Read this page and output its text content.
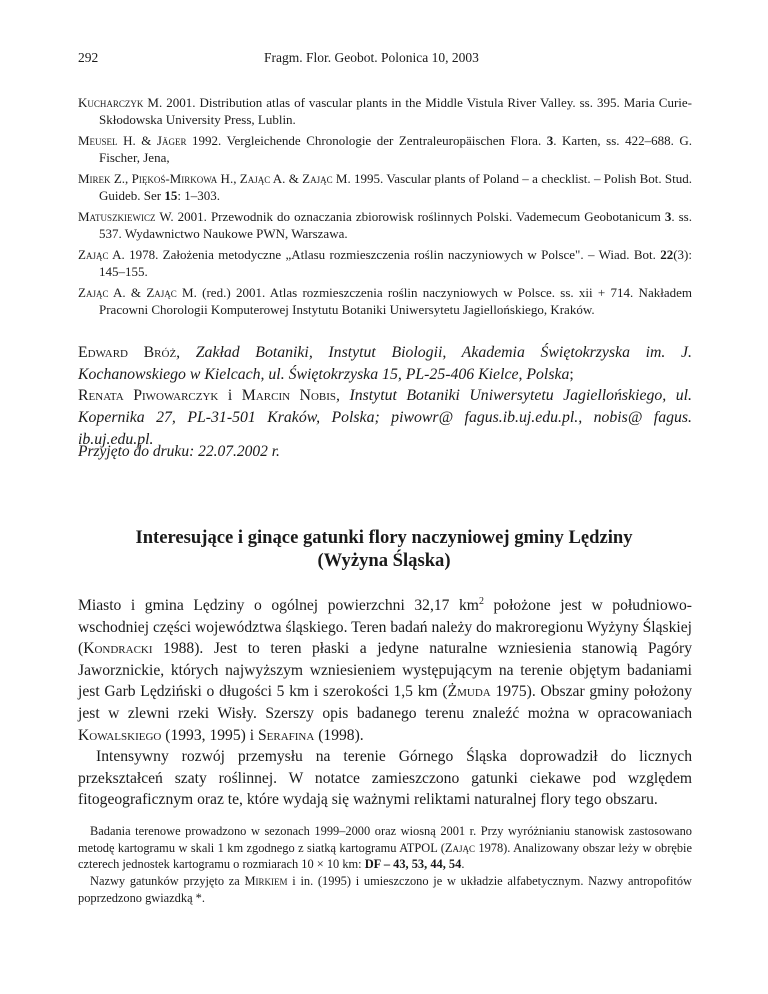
292	Fragm. Flor. Geobot. Polonica 10, 2003

Kucharczyk M. 2001. Distribution atlas of vascular plants in the Middle Vistula River Valley. ss. 395. Maria Curie-Skłodowska University Press, Lublin.

Meusel H. & Jäger 1992. Vergleichende Chronologie der Zentraleuropäischen Flora. 3. Karten, ss. 422–688. G. Fischer, Jena,

Mirek Z., Piękoś-Mirkowa H., Zając A. & Zając M. 1995. Vascular plants of Poland – a checklist. – Polish Bot. Stud. Guideb. Ser 15: 1–303.

Matuszkiewicz W. 2001. Przewodnik do oznaczania zbiorowisk roślinnych Polski. Vademecum Geobotanicum 3. ss. 537. Wydawnictwo Naukowe PWN, Warszawa.

Zając A. 1978. Założenia metodyczne „Atlasu rozmieszczenia roślin naczyniowych w Polsce". – Wiad. Bot. 22(3): 145–155.

Zając A. & Zając M. (red.) 2001. Atlas rozmieszczenia roślin naczyniowych w Polsce. ss. xii + 714. Nakładem Pracowni Chorologii Komputerowej Instytutu Botaniki Uniwersytetu Jagiellońskiego, Kraków.

Edward Bróż, Zakład Botaniki, Instytut Biologii, Akademia Świętokrzyska im. J. Kochanowskiego w Kielcach, ul. Świętokrzyska 15, PL-25-406 Kielce, Polska;

Renata Piwowarczyk i Marcin Nobis, Instytut Botaniki Uniwersytetu Jagiellońskiego, ul. Kopernika 27, PL-31-501 Kraków, Polska; piwowr@ fagus.ib.uj.edu.pl., nobis@ fagus. ib.uj.edu.pl.

Przyjęto do druku: 22.07.2002 r.
Interesujące i ginące gatunki flory naczyniowej gminy Lędziny
(Wyżyna Śląska)

Miasto i gmina Lędziny o ogólnej powierzchni 32,17 $km^2$ położone jest w południowo-wschodniej części województwa śląskiego. Teren badań należy do makroregionu Wyżyny Śląskiej (Kondracki 1988). Jest to teren płaski a jedyne naturalne wzniesienia stanowią Pagóry Jaworznickie, których najwyższym wzniesieniem występującym na terenie objętym badaniami jest Garb Lędziński o długości 5 km i szerokości 1,5 km (Żmuda 1975). Obszar gminy położony jest w zlewni rzeki Wisły. Szerszy opis badanego terenu znaleźć można w opracowaniach Kowalskiego (1993, 1995) i Serafina (1998).

Intensywny rozwój przemysłu na terenie Górnego Śląska doprowadził do licznych przekształceń szaty roślinnej. W notatce zamieszczono gatunki ciekawe pod względem fitogeograficznym oraz te, które wydają się ważnymi reliktami naturalnej flory tego obszaru.

Badania terenowe prowadzono w sezonach 1999–2000 oraz wiosną 2001 r. Przy wyróżnianiu stanowisk zastosowano metodę kartogramu w skali 1 km zgodnego z siatką kartogramu ATPOL (Zając 1978). Analizowany obszar leży w obrębie czterech jednostek kartogramu o rozmiarach 10 × 10 km: DF – 43, 53, 44, 54.

Nazwy gatunków przyjęto za Mirkiem i in. (1995) i umieszczono je w układzie alfabetycznym. Nazwy antropofitów poprzedzono gwiazdką *.
